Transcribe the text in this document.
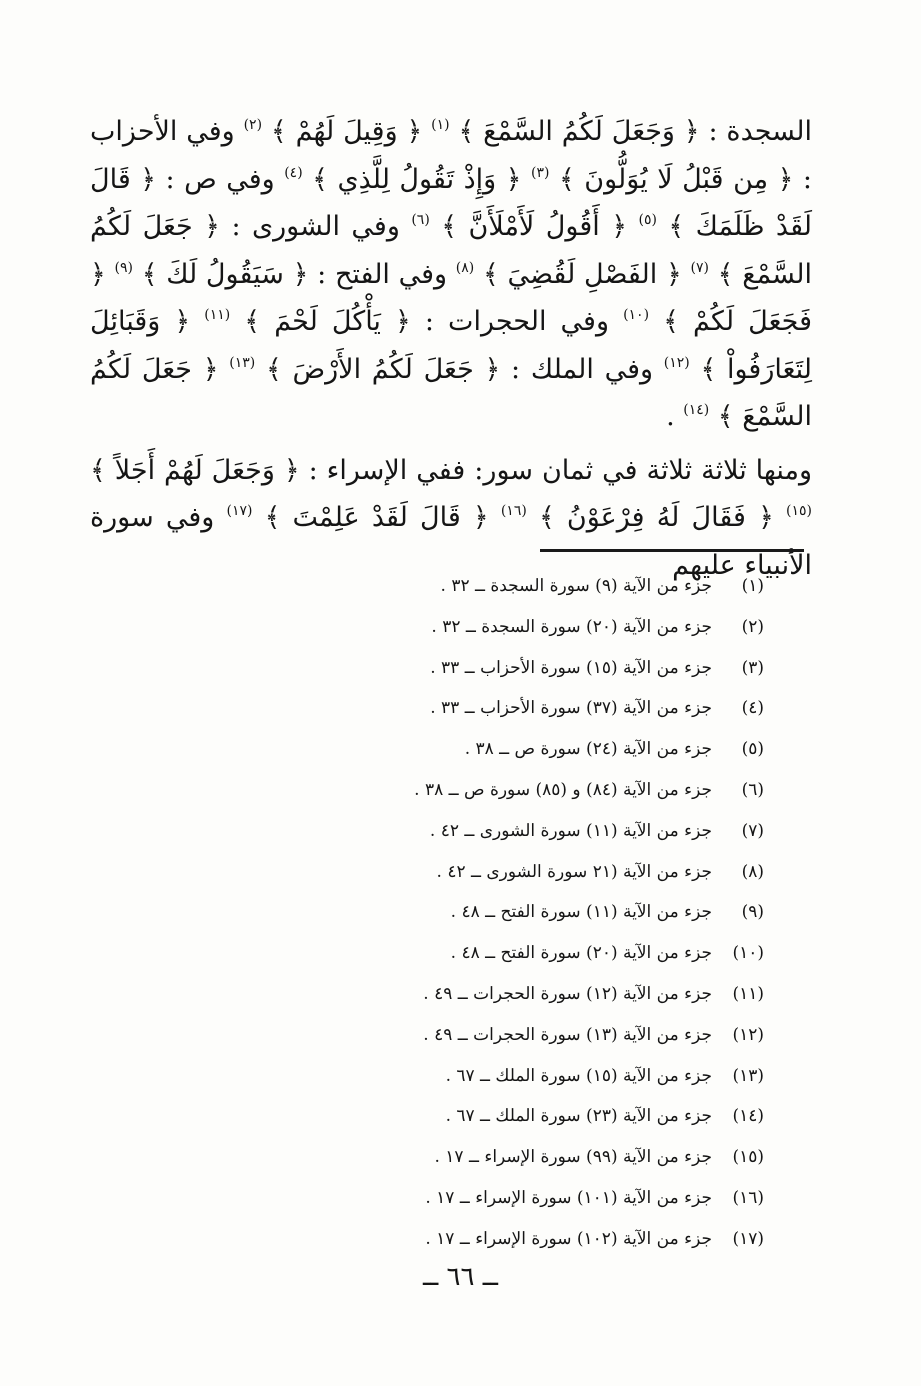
السجدة : ﴿ وَجَعَلَ لَكُمُ السَّمْعَ ﴾ $^{(١)}$ ﴿ وَقِيلَ لَهُمْ ﴾ $^{(٢)}$ وفي الأحزاب : ﴿ مِن قَبْلُ لَا يُوَلُّونَ ﴾ $^{(٣)}$ ﴿ وَإِذْ تَقُولُ لِلَّذِي ﴾ $^{(٤)}$ وفي ص : ﴿ قَالَ لَقَدْ ظَلَمَكَ ﴾ $^{(٥)}$ ﴿ أَقُولُ لَأَمْلَأَنَّ ﴾ $^{(٦)}$ وفي الشورى : ﴿ جَعَلَ لَكُمُ السَّمْعَ ﴾ $^{(٧)}$ ﴿ الفَصْلِ لَقُضِيَ ﴾ $^{(٨)}$ وفي الفتح : ﴿ سَيَقُولُ لَكَ ﴾ $^{(٩)}$ ﴿ فَجَعَلَ لَكُمْ ﴾ $^{(١٠)}$ وفي الحجرات : ﴿ يَأْكُلَ لَحْمَ ﴾ $^{(١١)}$ ﴿ وَقَبَائِلَ لِتَعَارَفُواْ ﴾ $^{(١٢)}$ وفي الملك : ﴿ جَعَلَ لَكُمُ الأَرْضَ ﴾ $^{(١٣)}$ ﴿ جَعَلَ لَكُمُ السَّمْعَ ﴾ $^{(١٤)}$ .

ومنها ثلاثة ثلاثة في ثمان سور: ففي الإسراء : ﴿ وَجَعَلَ لَهُمْ أَجَلاً ﴾ $^{(١٥)}$ ﴿ فَقَالَ لَهُ فِرْعَوْنُ ﴾ $^{(١٦)}$ ﴿ قَالَ لَقَدْ عَلِمْتَ ﴾ $^{(١٧)}$ وفي سورة الأنبياء عليهم

(١)جزء من الآية (٩) سورة السجدة ــ ٣٢ .
(٢)جزء من الآية (٢٠) سورة السجدة ــ ٣٢ .
(٣)جزء من الآية (١٥) سورة الأحزاب ــ ٣٣ .
(٤)جزء من الآية (٣٧) سورة الأحزاب ــ ٣٣ .
(٥)جزء من الآية (٢٤) سورة ص ــ ٣٨ .
(٦)جزء من الآية (٨٤) و (٨٥) سورة ص ــ ٣٨ .
(٧)جزء من الآية (١١) سورة الشورى ــ ٤٢ .
(٨)جزء من الآية (٢١ سورة الشورى ــ ٤٢ .
(٩)جزء من الآية (١١) سورة الفتح ــ ٤٨ .
(١٠)جزء من الآية (٢٠) سورة الفتح ــ ٤٨ .
(١١)جزء من الآية (١٢) سورة الحجرات ــ ٤٩ .
(١٢)جزء من الآية (١٣) سورة الحجرات ــ ٤٩ .
(١٣)جزء من الآية (١٥) سورة الملك ــ ٦٧ .
(١٤)جزء من الآية (٢٣) سورة الملك ــ ٦٧ .
(١٥)جزء من الآية (٩٩) سورة الإسراء ــ ١٧ .
(١٦)جزء من الآية (١٠١) سورة الإسراء ــ ١٧ .
(١٧)جزء من الآية (١٠٢) سورة الإسراء ــ ١٧ .
ــ ٦٦ ــ
